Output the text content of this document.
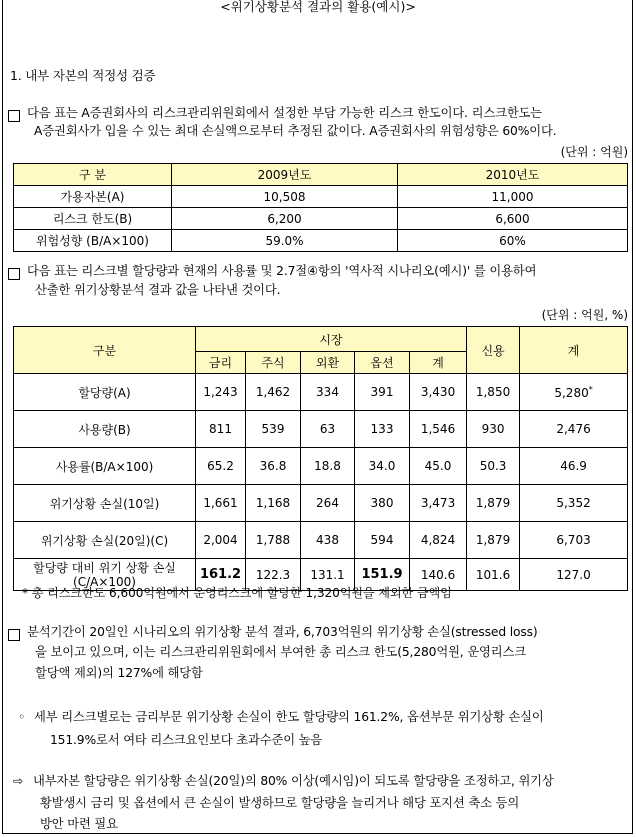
<위기상황분석 결과의 활용(예시)>
1. 내부 자본의 적정성 검증
다음 표는 A증권회사의 리스크관리위원회에서 설정한 부담 가능한 리스크 한도이다. 리스크한도는
A증권회사가 입을 수 있는 최대 손실액으로부터 추정된 값이다. A증권회사의 위험성향은 60%이다.
(단위 : 억원)
구 분	2009년도	2010년도
가용자본(A)	10,508	11,000
리스크 한도(B)	6,200	6,600
위험성향 (B/A×100)	59.0%	60%
다음 표는 리스크별 할당량과 현재의 사용률 및 2.7절④항의 '역사적 시나리오(예시)' 를 이용하여
산출한 위기상황분석 결과 값을 나타낸 것이다.
(단위 : 억원, %)
구분	시장					신용	계
	금리	주식	외환	옵션	계		
할당량(A)	1,243	1,462	334	391	3,430	1,850	5,280*
사용량(B)	811	539	63	133	1,546	930	2,476
사용률(B/A×100)	65.2	36.8	18.8	34.0	45.0	50.3	46.9
위기상황 손실(10일)	1,661	1,168	264	380	3,473	1,879	5,352
위기상황 손실(20일)(C)	2,004	1,788	438	594	4,824	1,879	6,703
할당량 대비 위기 상황 손실
(C/A×100)	161.2	122.3	131.1	151.9	140.6	101.6	127.0
* 총 리스크한도 6,600억원에서 운영리스크에 할당한 1,320억원을 제외한 금액임
분석기간이 20일인 시나리오의 위기상황 분석 결과, 6,703억원의 위기상황 손실(stressed loss)
을 보이고 있으며, 이는 리스크관리위원회에서 부여한 총 리스크 한도(5,280억원, 운영리스크
할당액 제외)의 127%에 해당함
◦ 세부 리스크별로는 금리부문 위기상황 손실이 한도 할당량의 161.2%, 옵션부문 위기상황 손실이
151.9%로서 여타 리스크요인보다 초과수준이 높음
⇨ 내부자본 할당량은 위기상황 손실(20일)의 80% 이상(예시임)이 되도록 할당량을 조정하고, 위기상
황발생시 금리 및 옵션에서 큰 손실이 발생하므로 할당량을 늘리거나 해당 포지션 축소 등의
방안 마련 필요
